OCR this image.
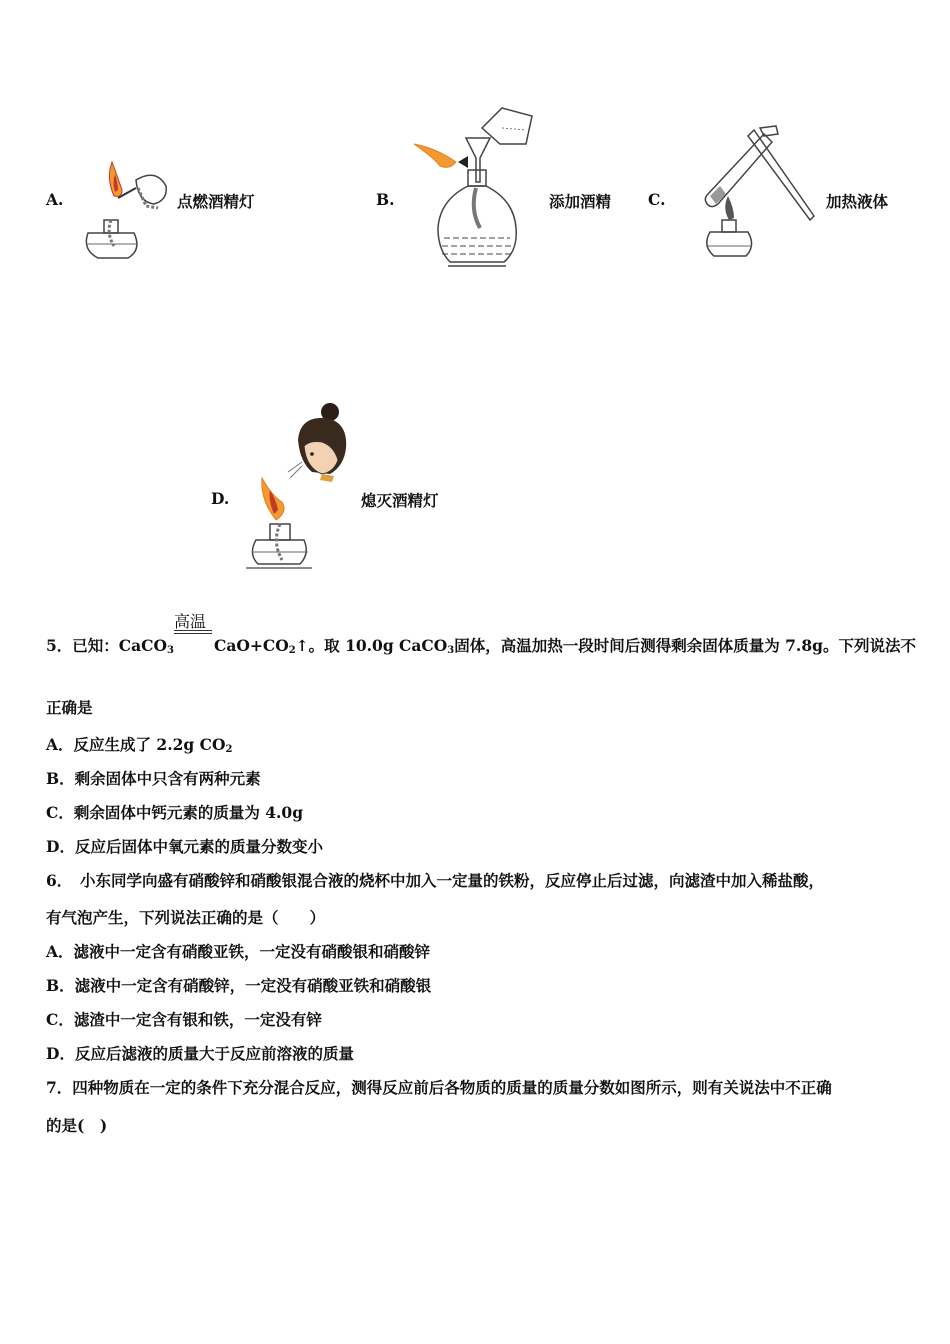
A.	点燃酒精灯	B.	添加酒精 C.	加热液体
D.	熄灭酒精灯
5．已知：CaCO$_3$
高温
$CaO+CO_2↑$。取 10.0g CaCO$_3$固体，高温加热一段时间后测得剩余固体质量为 7.8g。下列说法不
正确是
A．反应生成了 2.2g $CO_2$
B．剩余固体中只含有两种元素
C．剩余固体中钙元素的质量为 4.0g
D．反应后固体中氧元素的质量分数变小
6．　小东同学向盛有硝酸锌和硝酸银混合液的烧杯中加入一定量的铁粉，反应停止后过滤，向滤渣中加入稀盐酸，
有气泡产生，下列说法正确的是（　　）
A．滤液中一定含有硝酸亚铁，一定没有硝酸银和硝酸锌
B．滤液中一定含有硝酸锌，一定没有硝酸亚铁和硝酸银
C．滤渣中一定含有银和铁，一定没有锌
D．反应后滤液的质量大于反应前溶液的质量
7．四种物质在一定的条件下充分混合反应，测得反应前后各物质的质量的质量分数如图所示，则有关说法中不正确
的是(　)
